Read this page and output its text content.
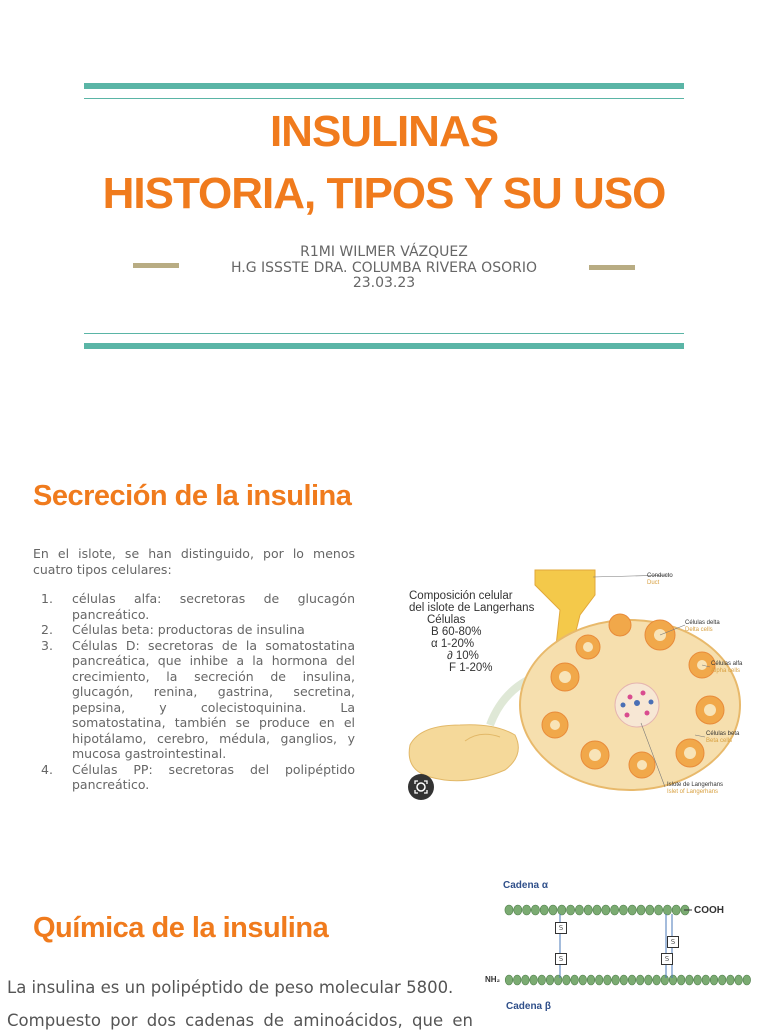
INSULINAS
HISTORIA, TIPOS Y SU USO
R1MI WILMER VÁZQUEZ
H.G ISSSTE DRA. COLUMBA RIVERA OSORIO
23.03.23
Secreción de la insulina
En el islote, se han distinguido, por lo menos cuatro tipos celulares:
1. células alfa: secretoras de glucagón pancreático.
2. Células beta: productoras de insulina
3. Células D: secretoras de la somatostatina pancreática, que inhibe a la hormona del crecimiento, la secreción de insulina, glucagón, renina, gastrina, secretina, pepsina, y colecistoquinina. La somatostatina, también se produce en el hipotálamo, cerebro, médula, ganglios, y mucosa gastrointestinal.
4. Células PP: secretoras del polipéptido pancreático.
Composición celular
del islote de Langerhans
Células
B 60-80%
α 1-20%
∂ 10%
F 1-20%
Conducto
Duct
Células delta
Delta cells
Células alfa
Alpha cells
Células beta
Beta cells
Islote de Langerhans
Islet of Langerhans
Química de la insulina
La insulina es un polipéptido de peso molecular 5800.
Compuesto por dos cadenas de aminoácidos, que en
Cadena α
COOH
NH₂
Cadena β
S
S
S
S
